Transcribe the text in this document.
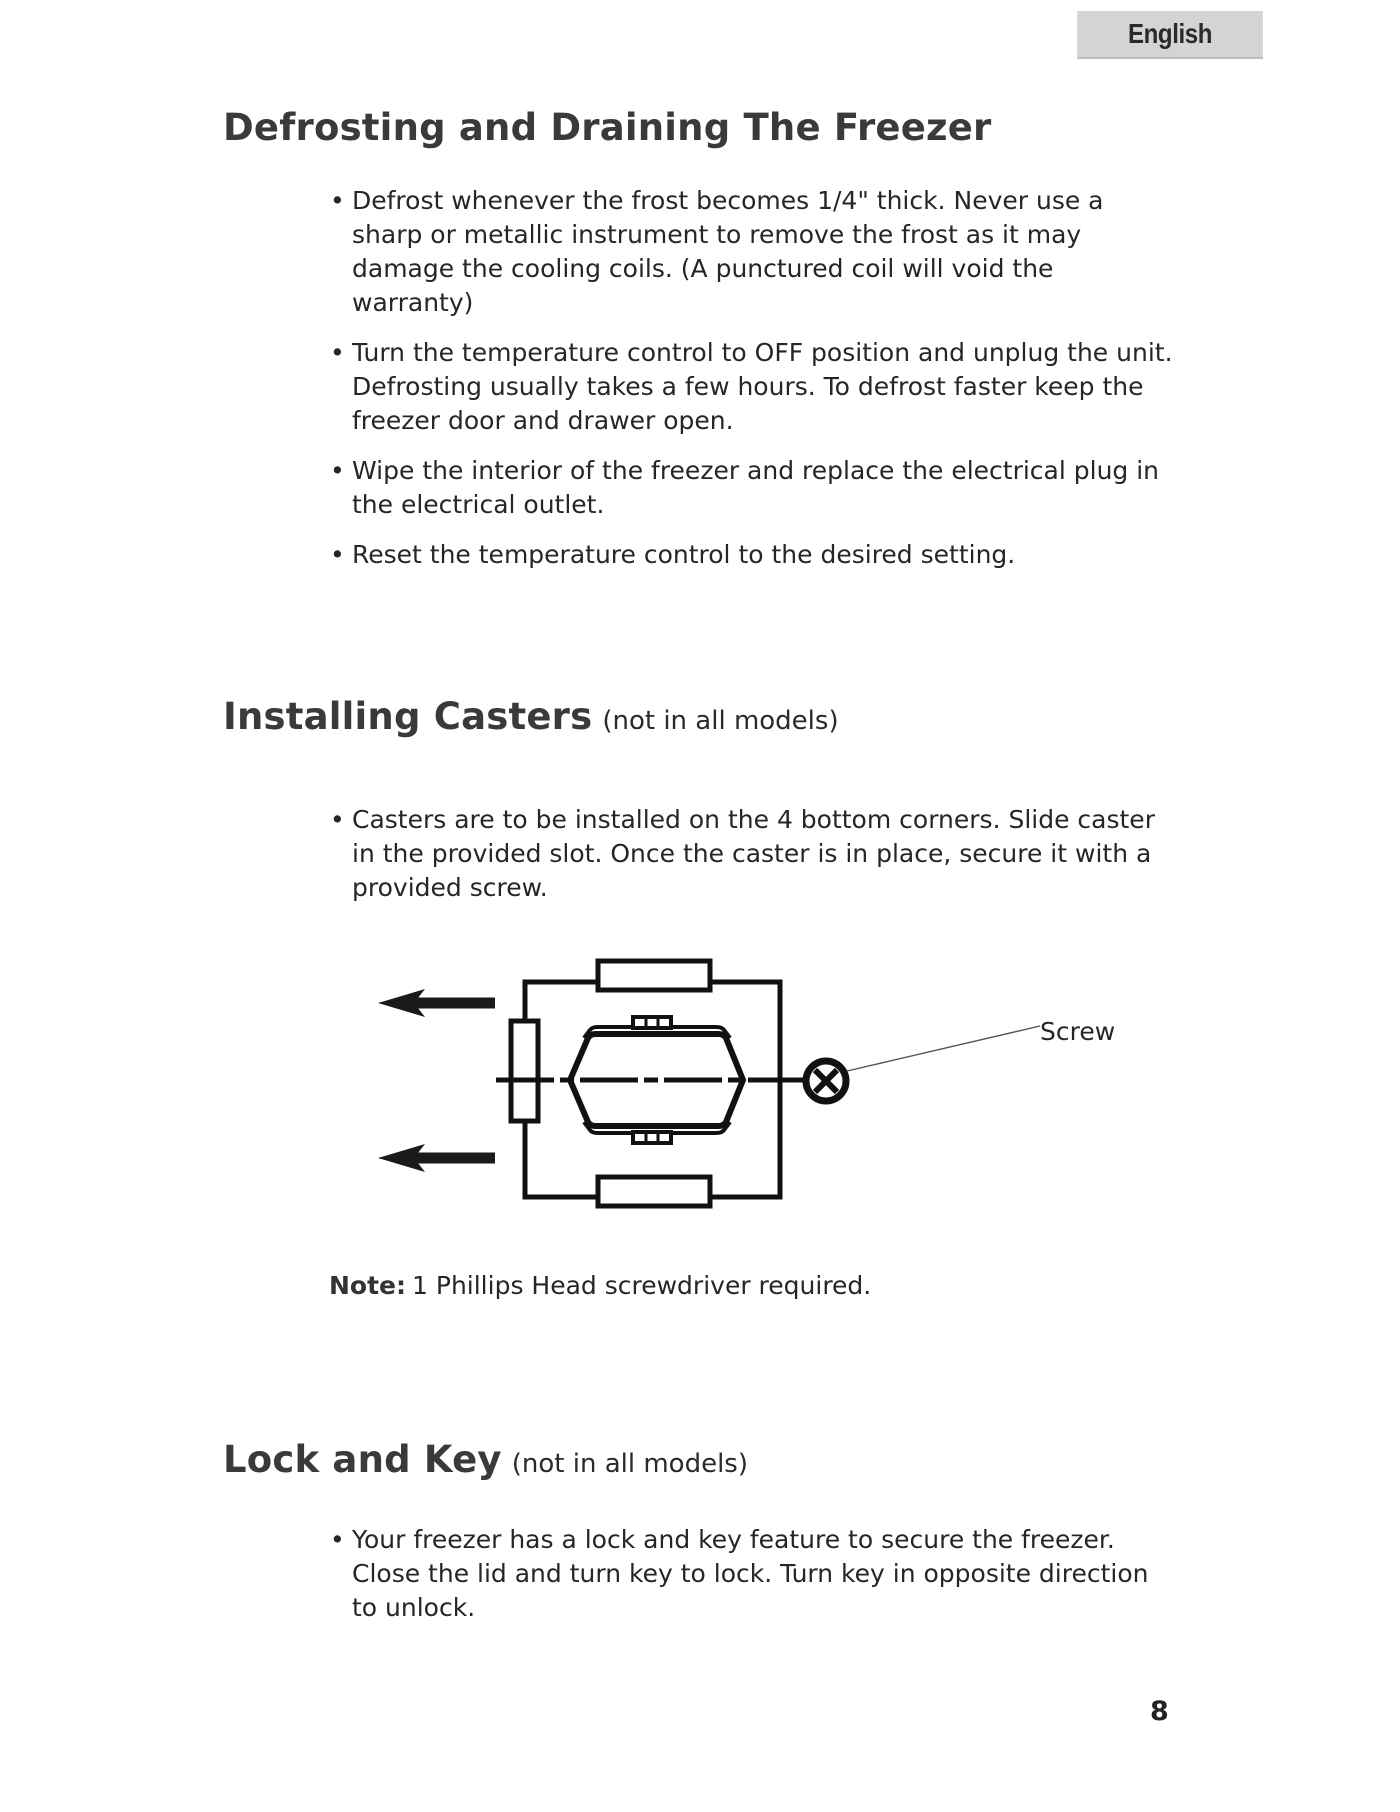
English
Defrosting and Draining The Freezer
• Defrost whenever the frost becomes 1/4" thick. Never use a sharp or metallic instrument to remove the frost as it may damage the cooling coils. (A punctured coil will void the warranty)
• Turn the temperature control to OFF position and unplug the unit. Defrosting usually takes a few hours. To defrost faster keep the freezer door and drawer open.
• Wipe the interior of the freezer and replace the electrical plug in the electrical outlet.
• Reset the temperature control to the desired setting.
Installing Casters (not in all models)
• Casters are to be installed on the 4 bottom corners. Slide caster in the provided slot. Once the caster is in place, secure it with a provided screw.
Screw

Note: 1 Phillips Head screwdriver required.

Lock and Key (not in all models)
• Your freezer has a lock and key feature to secure the freezer. Close the lid and turn key to lock. Turn key in opposite direction to unlock.
8
